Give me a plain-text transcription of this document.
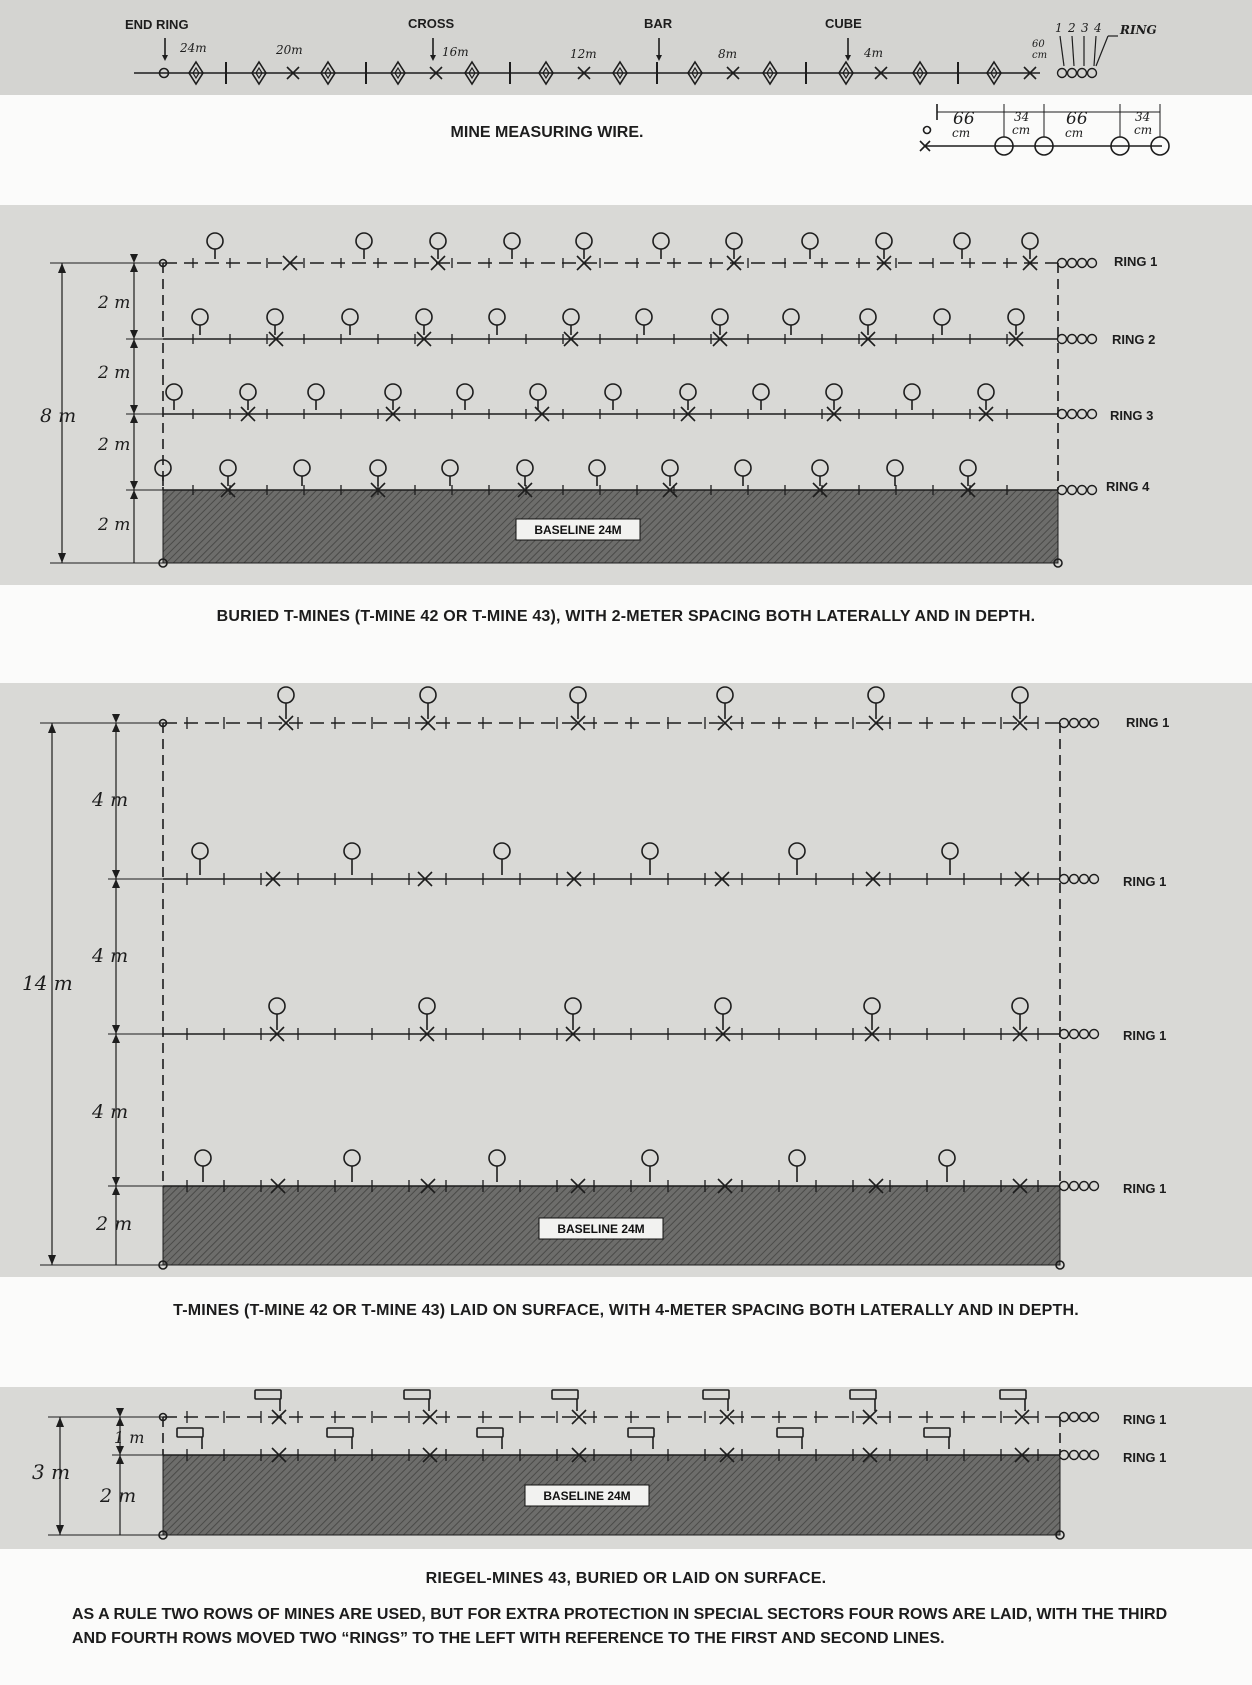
END RING	CROSS	BAR	CUBE	RING
24m	20m	16m	12m	8m	4m
1 2 3 4
60
cm
MINE MEASURING WIRE.
66
cm
34
cm
66
cm
34
cm
2 m
2 m
2 m
2 m
8 m
RING 1
RING 2
RING 3
RING 4
BASELINE 24M
4 m
4 m
4 m
2 m
14 m
RING 1
RING 1
RING 1
RING 1
BASELINE 24M
1 m
2 m
3 m
RING 1
RING 1
BASELINE 24M
BURIED T-MINES (T-MINE 42 OR T-MINE 43), WITH 2-METER SPACING BOTH LATERALLY AND IN DEPTH.
T-MINES (T-MINE 42 OR T-MINE 43) LAID ON SURFACE, WITH 4-METER SPACING BOTH LATERALLY AND IN DEPTH.
RIEGEL-MINES 43, BURIED OR LAID ON SURFACE.
AS A RULE TWO ROWS OF MINES ARE USED, BUT FOR EXTRA PROTECTION IN SPECIAL SECTORS FOUR ROWS ARE LAID, WITH THE THIRD AND FOURTH ROWS MOVED TWO “RINGS” TO THE LEFT WITH REFERENCE TO THE FIRST AND SECOND LINES.
